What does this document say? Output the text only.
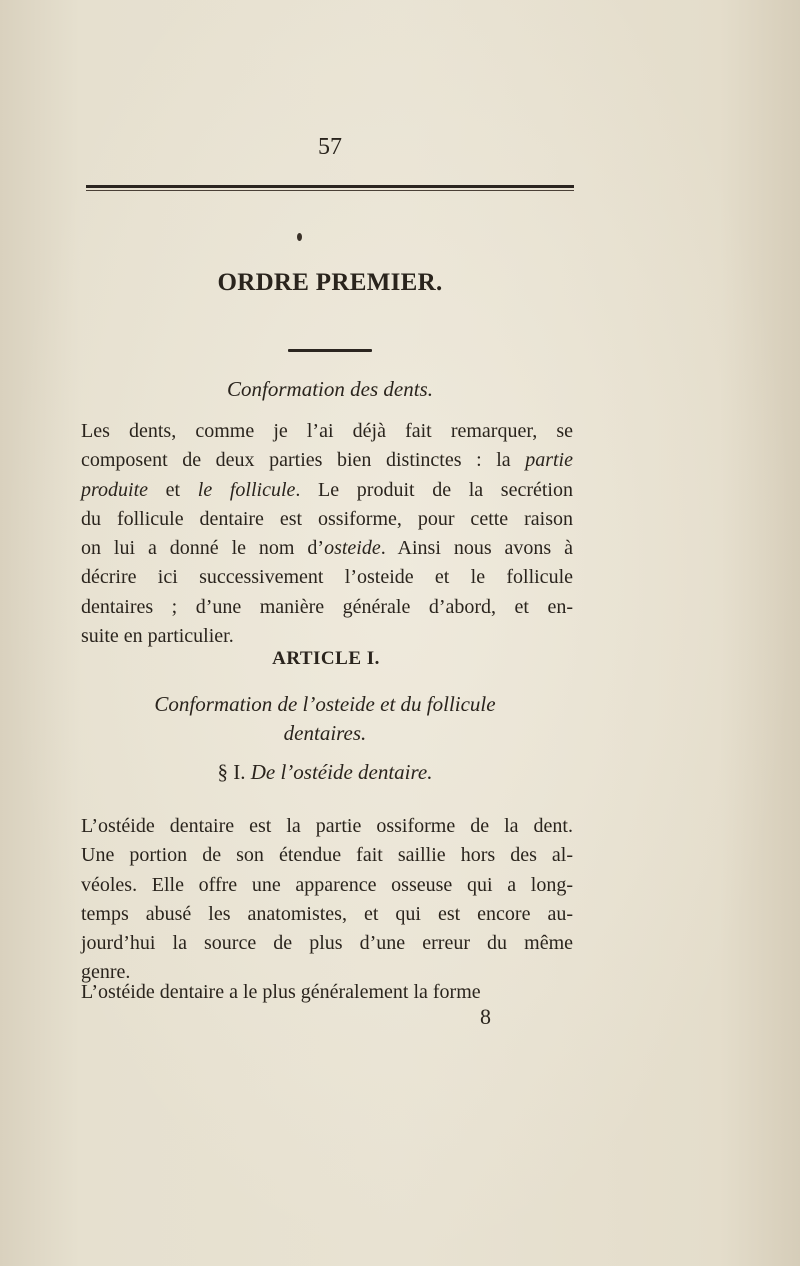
57
ORDRE PREMIER.
Conformation des dents.
Les dents, comme je l’ai déjà fait remarquer, se
composent de deux parties bien distinctes : la partie
produite et le follicule. Le produit de la secrétion
du follicule dentaire est ossiforme, pour cette raison
on lui a donné le nom d’osteide. Ainsi nous avons à
décrire ici successivement l’osteide et le follicule
dentaires ; d’une manière générale d’abord, et en-
suite en particulier.
ARTICLE I.
Conformation de l’osteide et du follicule
dentaires.
§ I. De l’ostéide dentaire.
L’ostéide dentaire est la partie ossiforme de la dent.
Une portion de son étendue fait saillie hors des al-
véoles. Elle offre une apparence osseuse qui a long-
temps abusé les anatomistes, et qui est encore au-
jourd’hui la source de plus d’une erreur du même
genre.
L’ostéide dentaire a le plus généralement la forme
8
